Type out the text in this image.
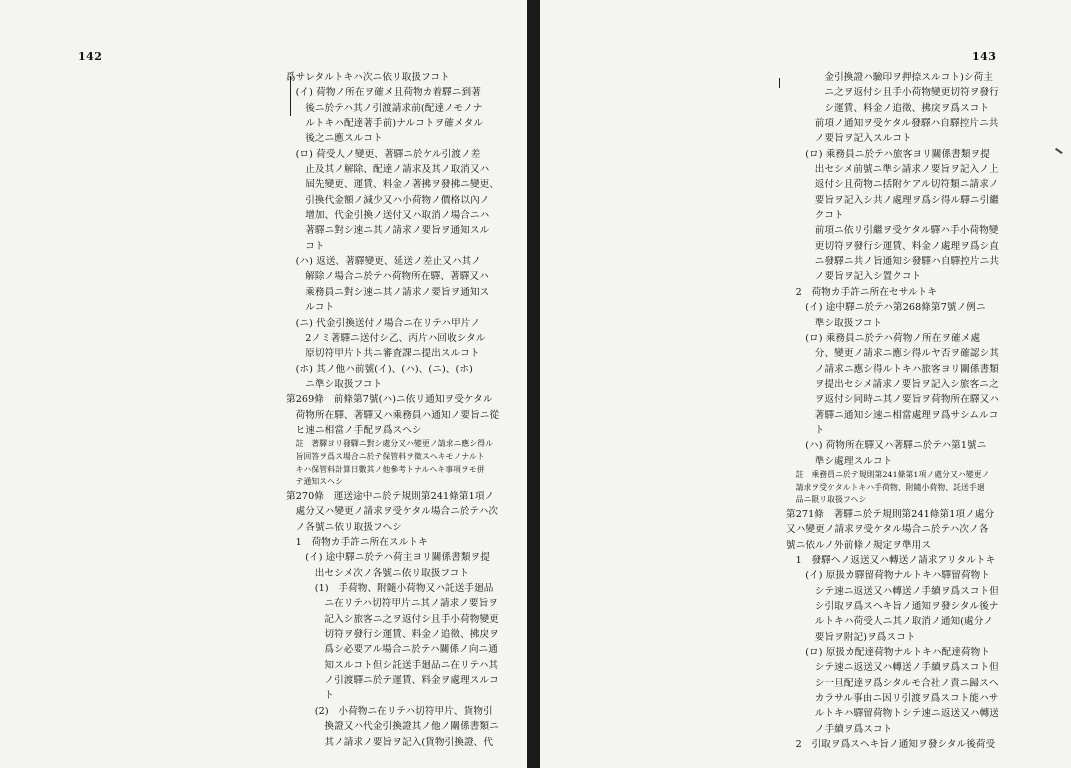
142
爲サレタルトキハ次ニ依リ取扱フコト
(イ) 荷物ノ所在ヲ確メ且荷物カ着驛ニ到著
後ニ於テハ其ノ引渡請求前(配達ノモノナ
ルトキハ配達著手前)ナルコトヲ確メタル
後之ニ應スルコト
(ロ) 荷受人ノ變更、著驛ニ於ケル引渡ノ差
止及其ノ解除、配達ノ請求及其ノ取消又ハ
屆先變更、運賃、料金ノ著拂ヲ發拂ニ變更、
引換代金額ノ減少又ハ小荷物ノ價格以內ノ
增加、代金引換ノ送付又ハ取消ノ場合ニハ
著驛ニ對シ速ニ其ノ請求ノ要旨ヲ通知スル
コト
(ハ) 返送、著驛變更、延送ノ差止又ハ其ノ
解除ノ場合ニ於テハ荷物所在驛、著驛又ハ
乘務員ニ對シ速ニ其ノ請求ノ要旨ヲ通知ス
ルコト
(ニ) 代金引換送付ノ場合ニ在リテハ甲片ノ
2ノミ著驛ニ送付シ乙、丙片ハ回收シタル
原切符甲片ト共ニ審査課ニ提出スルコト
(ホ) 其ノ他ハ前號(イ)、(ハ)、(ニ)、(ホ)
ニ準シ取扱フコト
第269條　前條第7號(ハ)ニ依リ通知ヲ受ケタル
荷物所在驛、著驛又ハ乘務員ハ通知ノ要旨ニ從
ヒ速ニ相當ノ手配ヲ爲スヘシ
註　著驛ヨリ發驛ニ對シ處分又ハ變更ノ請求ニ應シ得ル
旨回答ヲ爲ス場合ニ於テ保管料ヲ徵スヘキモノナルト
キハ保管料計算日數其ノ他參考トナルヘキ事項ヲモ併
テ通知スヘシ
第270條　運送途中ニ於テ規則第241條第1項ノ
處分又ハ變更ノ請求ヲ受ケタル場合ニ於テハ次
ノ各號ニ依リ取扱フヘシ
1　荷物カ手許ニ所在スルトキ
(イ) 途中驛ニ於テハ荷主ヨリ關係書類ヲ提
出セシメ次ノ各號ニ依リ取扱フコト
(1)　手荷物、附隨小荷物又ハ託送手廻品
ニ在リテハ切符甲片ニ其ノ請求ノ要旨ヲ
記入シ旅客ニ之ヲ返付シ且手小荷物變更
切符ヲ發行シ運賃、料金ノ追徵、拂戾ヲ
爲シ必要アル場合ニ於テハ關係ノ向ニ通
知スルコト但シ託送手廻品ニ在リテハ其
ノ引渡驛ニ於テ運賃、料金ヲ處理スルコ
ト
(2)　小荷物ニ在リテハ切符甲片、貨物引
換證又ハ代金引換證其ノ他ノ關係書類ニ
其ノ請求ノ要旨ヲ記入(貨物引換證、代
143
金引換證ハ驗印ヲ押捺スルコト)シ荷主
ニ之ヲ返付シ且手小荷物變更切符ヲ發行
シ運賃、料金ノ追徵、拂戾ヲ爲スコト
前項ノ通知ヲ受ケタル發驛ハ自驛控片ニ共
ノ要旨ヲ記入スルコト
(ロ) 乘務員ニ於テハ旅客ヨリ關係書類ヲ提
出セシメ前號ニ準シ請求ノ要旨ヲ記入ノ上
返付シ且荷物ニ括附ケアル切符類ニ請求ノ
要旨ヲ記入シ共ノ處理ヲ爲シ得ル驛ニ引繼
クコト
前項ニ依リ引繼ヲ受ケタル驛ハ手小荷物變
更切符ヲ發行シ運賃、料金ノ處理ヲ爲シ直
ニ發驛ニ共ノ旨通知シ發驛ハ自驛控片ニ共
ノ要旨ヲ記入シ置クコト
2　荷物カ手許ニ所在セサルトキ
(イ) 途中驛ニ於テハ第268條第7號ノ例ニ
準シ取扱フコト
(ロ) 乘務員ニ於テハ荷物ノ所在ヲ確メ處
分、變更ノ請求ニ應シ得ルヤ否ヲ確認シ其
ノ請求ニ應シ得ルトキハ旅客ヨリ關係書類
ヲ提出セシメ請求ノ要旨ヲ記入シ旅客ニ之
ヲ返付シ同時ニ其ノ要旨ヲ荷物所在驛又ハ
著驛ニ通知シ速ニ相當處理ヲ爲サシムルコ
ト
(ハ) 荷物所在驛又ハ著驛ニ於テハ第1號ニ
準シ處理スルコト
註　乘務員ニ於テ規則第241條第1項ノ處分又ハ變更ノ
請求ヲ受ケタルトキハ手荷物、附隨小荷物、託送手廻
品ニ限リ取扱フヘシ
第271條　著驛ニ於テ規則第241條第1項ノ處分
又ハ變更ノ請求ヲ受ケタル場合ニ於テハ次ノ各
號ニ依ルノ外前條ノ規定ヲ準用ス
1　發驛ヘノ返送又ハ轉送ノ請求アリタルトキ
(イ) 原扱カ驛留荷物ナルトキハ驛留荷物ト
シテ速ニ返送又ハ轉送ノ手續ヲ爲スコト但
シ引取ヲ爲スヘキ旨ノ通知ヲ發シタル後ナ
ルトキハ荷受人ニ其ノ取消ノ通知(處分ノ
要旨ヲ附記)ヲ爲スコト
(ロ) 原扱カ配達荷物ナルトキハ配達荷物ト
シテ速ニ返送又ハ轉送ノ手續ヲ爲スコト但
シ一旦配達ヲ爲シタルモ合社ノ責ニ歸スヘ
カラサル事由ニ因リ引渡ヲ爲スコト能ハサ
ルトキハ驛留荷物トシテ速ニ返送又ハ轉送
ノ手續ヲ爲スコト
2　引取ヲ爲スヘキ旨ノ通知ヲ發シタル後荷受
